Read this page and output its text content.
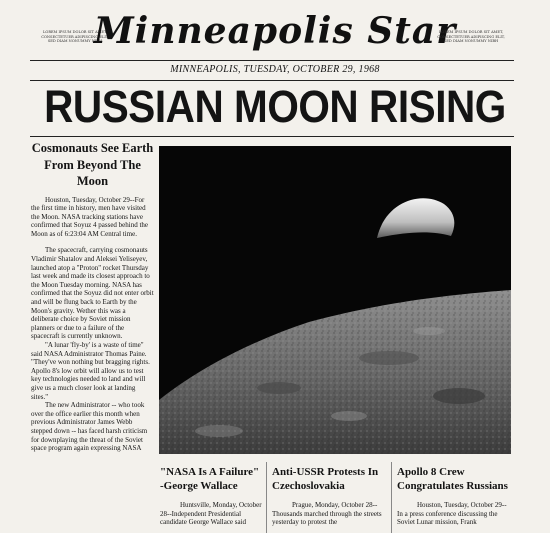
LOREM IPSUM DOLOR SIT AMET, CONSECTETUER ADIPISCING ELIT, SED DIAM NONUMMY NIBH
Minneapolis Star
LOREM IPSUM DOLOR SIT AMET, CONSECTETUER ADIPISCING ELIT, SED DIAM NONUMMY NIBH
MINNEAPOLIS, TUESDAY, OCTOBER 29, 1968
RUSSIAN MOON RISING
Cosmonauts See Earth From Beyond The Moon

Houston, Tuesday, October 29--For the first time in history, men have visited the Moon. NASA tracking stations have confirmed that Soyuz 4 passed behind the Moon as of 6:23:04 AM Central time.
The spacecraft, carrying cosmonauts Vladimir Shatalov and Aleksei Yeliseyev, launched atop a "Proton" rocket Thursday last week and made its closest approach to the Moon Tuesday morning. NASA has confirmed that the Soyuz did not enter orbit and will be flung back to Earth by the Moon's gravity. Wether this was a deliberate choice by Soviet mission planners or due to a failure of the spacecraft is currently unknown.
"A lunar 'fly-by' is a waste of time" said NASA Administrator Thomas Paine. "They've won nothing but bragging rights. Apollo 8's low orbit will allow us to test key technologies needed to land and will give us a much closer look at landing sites."
The new Administrator -- who took over the office earlier this month when previous Administrator James Webb stepped down -- has faced harsh criticism for downplaying the threat of the Soviet space program again expressing NASA

"NASA Is A Failure" -George Wallace

Huntsville, Monday, October 28--Independent Presidential candidate George Wallace said

Anti-USSR Protests In Czechoslovakia

Prague, Monday, October 28--Thousands marched through the streets yesterday to protest the

Apollo 8 Crew Congratulates Russians

Houston, Tuesday, October 29--In a press conference discussing the Soviet Lunar mission, Frank
